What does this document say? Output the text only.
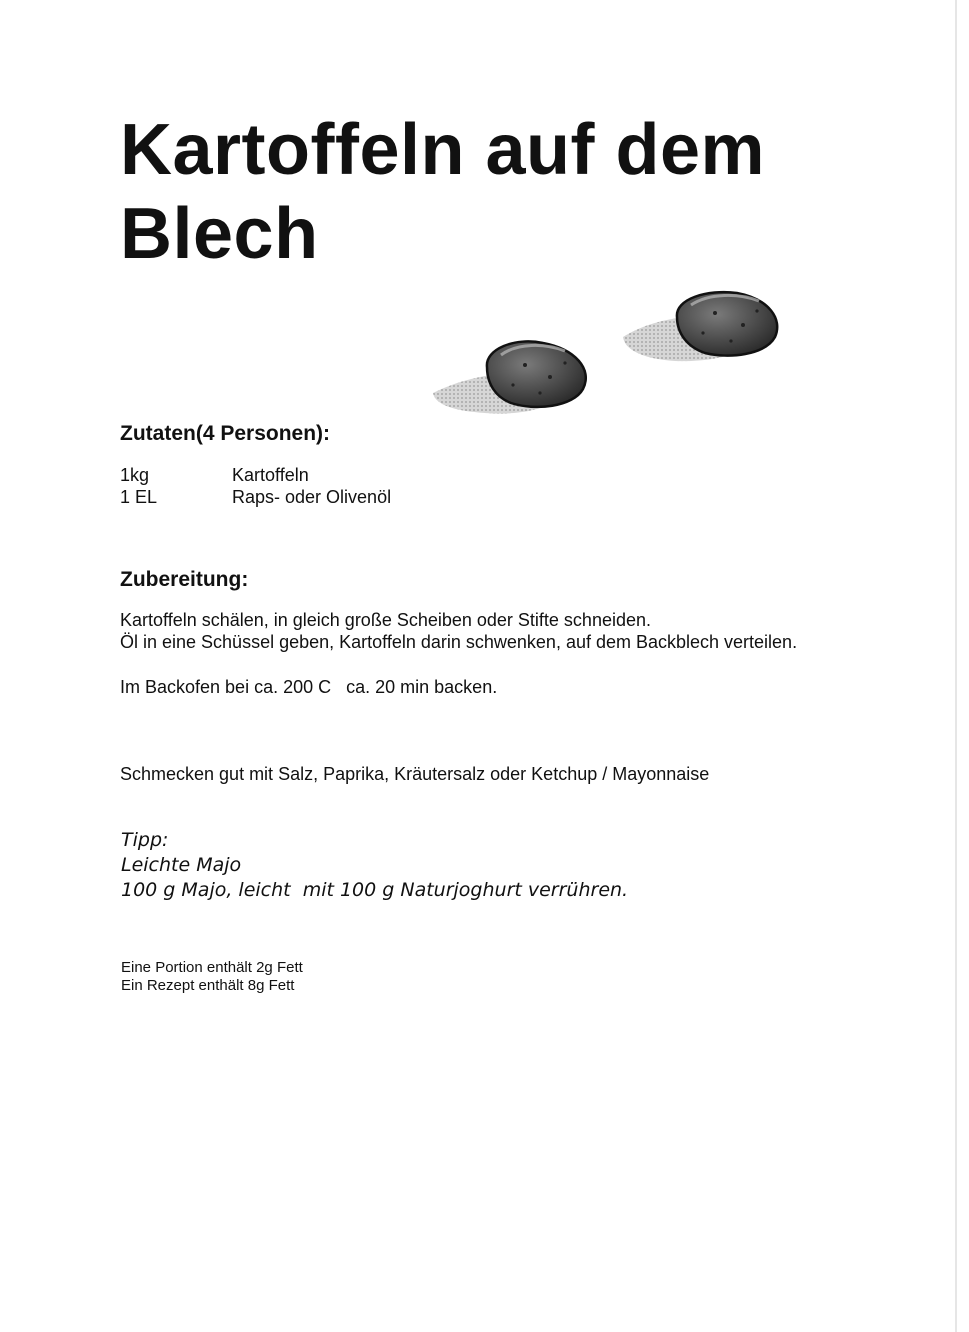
Kartoffeln auf dem Blech
Zutaten(4 Personen):
1kg	Kartoffeln
1 EL	Raps- oder Olivenöl
Zubereitung:

Kartoffeln schälen, in gleich große Scheiben oder Stifte schneiden.

Öl in eine Schüssel geben, Kartoffeln darin schwenken, auf dem Backblech verteilen.

Im Backofen bei ca. 200 C   ca. 20 min backen.

Schmecken gut mit Salz, Paprika, Kräutersalz oder Ketchup / Mayonnaise

Tipp:
Leichte Majo
100 g Majo, leicht  mit 100 g Naturjoghurt verrühren.
Eine Portion enthält 2g Fett
Ein Rezept enthält 8g Fett
